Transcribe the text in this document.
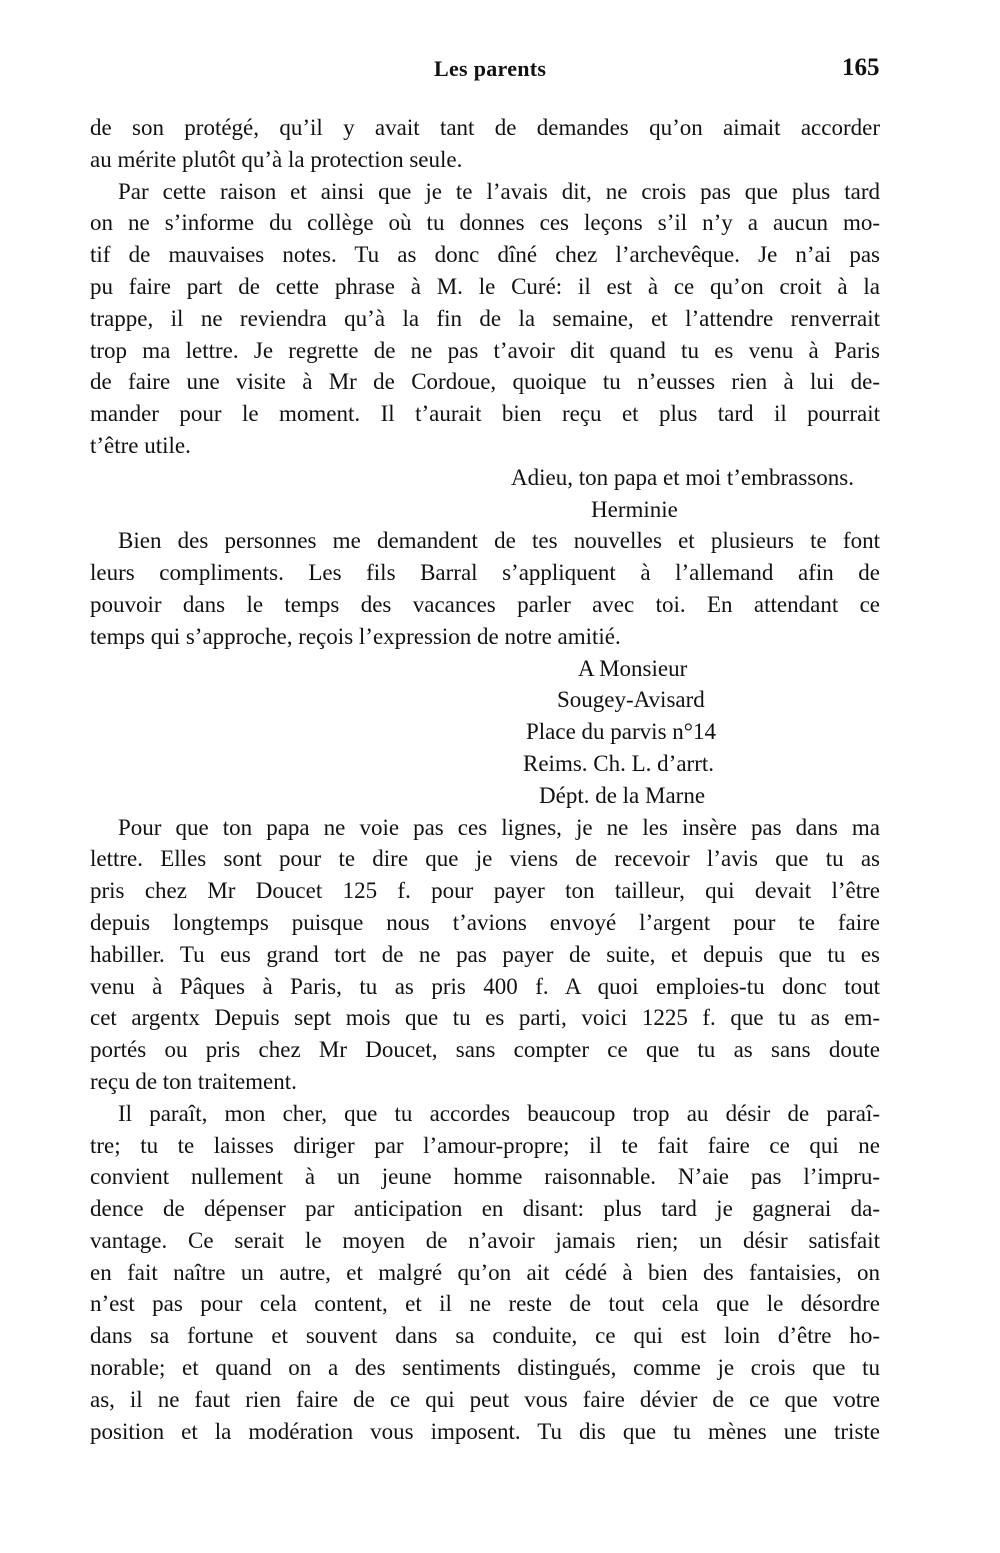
Les parents	165
de son protégé, qu’il y avait tant de demandes qu’on aimait accorder
au mérite plutôt qu’à la protection seule.
Par cette raison et ainsi que je te l’avais dit, ne crois pas que plus tard
on ne s’informe du collège où tu donnes ces leçons s’il n’y a aucun mo-
tif de mauvaises notes. Tu as donc dîné chez l’archevêque. Je n’ai pas
pu faire part de cette phrase à M. le Curé: il est à ce qu’on croit à la
trappe, il ne reviendra qu’à la fin de la semaine, et l’attendre renverrait
trop ma lettre. Je regrette de ne pas t’avoir dit quand tu es venu à Paris
de faire une visite à Mr de Cordoue, quoique tu n’eusses rien à lui de-
mander pour le moment. Il t’aurait bien reçu et plus tard il pourrait
t’être utile.
Adieu, ton papa et moi t’embrassons.
Herminie
Bien des personnes me demandent de tes nouvelles et plusieurs te font
leurs compliments. Les fils Barral s’appliquent à l’allemand afin de
pouvoir dans le temps des vacances parler avec toi. En attendant ce
temps qui s’approche, reçois l’expression de notre amitié.
A Monsieur
Sougey-Avisard
Place du parvis n°14
Reims. Ch. L. d’arrt.
Dépt. de la Marne
Pour que ton papa ne voie pas ces lignes, je ne les insère pas dans ma
lettre. Elles sont pour te dire que je viens de recevoir l’avis que tu as
pris chez Mr Doucet 125 f. pour payer ton tailleur, qui devait l’être
depuis longtemps puisque nous t’avions envoyé l’argent pour te faire
habiller. Tu eus grand tort de ne pas payer de suite, et depuis que tu es
venu à Pâques à Paris, tu as pris 400 f. A quoi emploies-tu donc tout
cet argentx Depuis sept mois que tu es parti, voici 1225 f. que tu as em-
portés ou pris chez Mr Doucet, sans compter ce que tu as sans doute
reçu de ton traitement.
Il paraît, mon cher, que tu accordes beaucoup trop au désir de paraî-
tre; tu te laisses diriger par l’amour-propre; il te fait faire ce qui ne
convient nullement à un jeune homme raisonnable. N’aie pas l’impru-
dence de dépenser par anticipation en disant: plus tard je gagnerai da-
vantage. Ce serait le moyen de n’avoir jamais rien; un désir satisfait
en fait naître un autre, et malgré qu’on ait cédé à bien des fantaisies, on
n’est pas pour cela content, et il ne reste de tout cela que le désordre
dans sa fortune et souvent dans sa conduite, ce qui est loin d’être ho-
norable; et quand on a des sentiments distingués, comme je crois que tu
as, il ne faut rien faire de ce qui peut vous faire dévier de ce que votre
position et la modération vous imposent. Tu dis que tu mènes une triste
